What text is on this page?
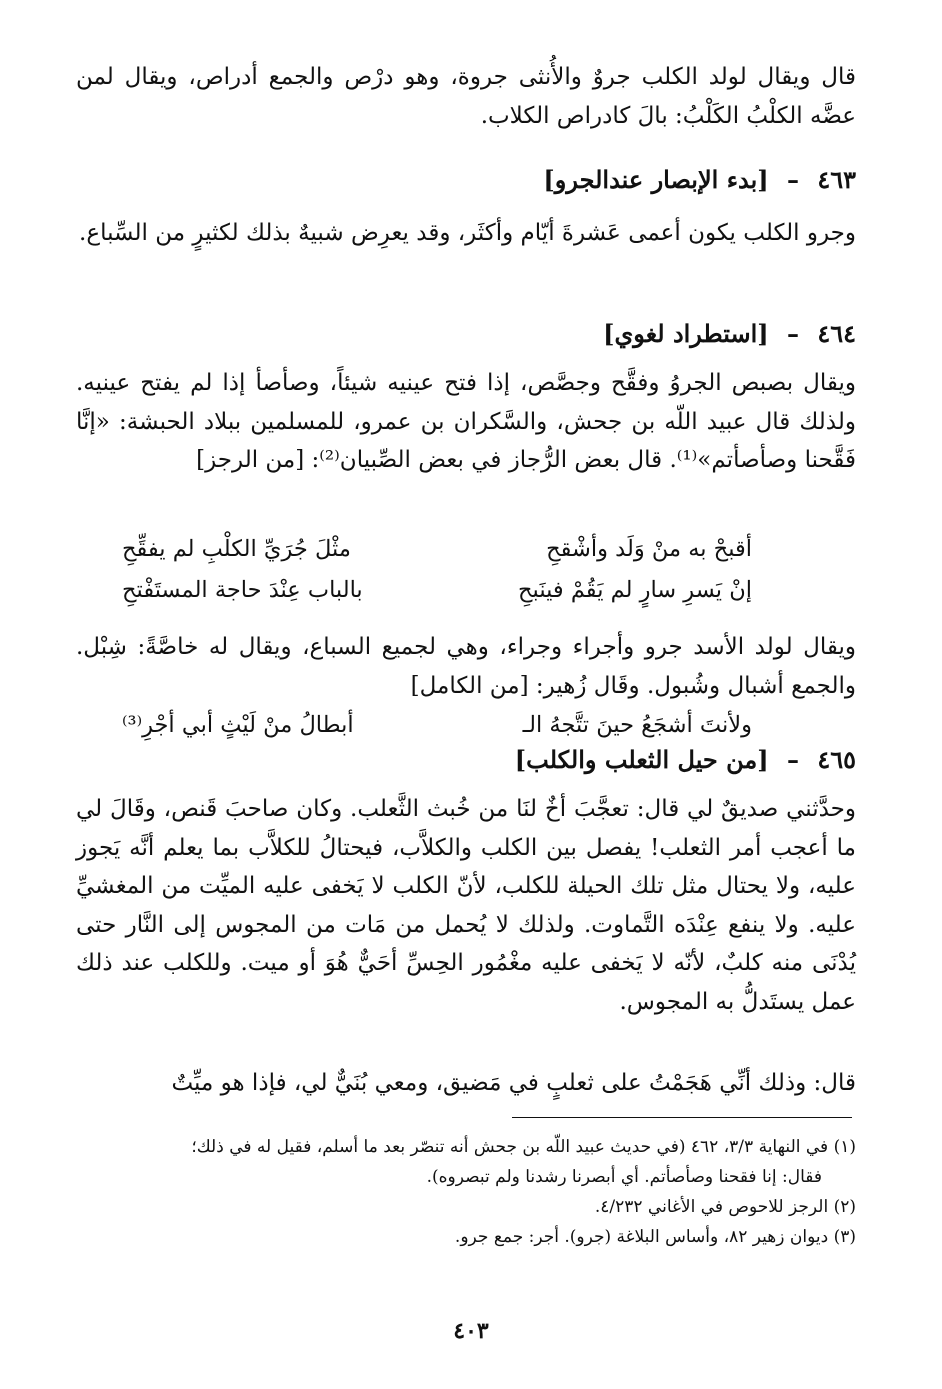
قال ويقال لولد الكلب جروٌ والأُنثى جروة، وهو درْص والجمع أدراص، ويقال لمن عضَّه الكلْبُ الكَلْبُ: بالَ كادراص الكلاب.

٤٦٣ – [بدء الإبصار عندالجرو]

وجرو الكلب يكون أعمى عَشرةَ أيّام وأكثَر، وقد يعرِض شبيهٌ بذلك لكثيرٍ من السِّباع.

٤٦٤ – [استطراد لغوي]

ويقال بصبص الجروُ وفقَّح وجصَّص، إذا فتح عينيه شيئاً، وصأصأ إذا لم يفتح عينيه. ولذلك قال عبيد اللّه بن جحش، والسَّكران بن عمرو، للمسلمين ببلاد الحبشة: «إنَّا فَقَّحنا وصأصأتم»⁽¹⁾. قال بعض الرُّجاز في بعض الصِّبيان⁽²⁾: [من الرجز]

أقبحْ به منْ وَلَد وأشْقحِ
مثْلَ جُرَيِّ الكلْبِ لم يفقِّحِ
إنْ يَسرِ سارٍ لم يَقُمْ فينَبحِ
بالباب عِنْدَ حاجة المستَفْتحِ

ويقال لولد الأسد جرو وأجراء وجراء، وهي لجميع السباع، ويقال له خاصَّةً: شِبْل. والجمع أشبال وشُبول. وقَال زُهير: [من الكامل]

ولأنتَ أشجَعُ حينَ تتَّجهُ الـ
أبطالُ منْ لَيْثٍ أبي أجْرِ⁽³⁾
٤٦٥ – [من حيل الثعلب والكلب]

وحدَّثني صديقٌ لي قال: تعجَّبَ أخٌ لنَا من خُبث الثَّعلب. وكان صاحبَ قَنص، وقَالَ لي ما أعجب أمر الثعلب! يفصل بين الكلب والكلاَّب، فيحتالُ للكلاَّب بما يعلم أنَّه يَجوز عليه، ولا يحتال مثل تلك الحيلة للكلب، لأنّ الكلب لا يَخفى عليه الميِّت من المغشيِّ عليه. ولا ينفع عِنْدَه التَّماوت. ولذلك لا يُحمل من مَات من المجوس إلى النَّار حتى يُدْنَى منه كلبٌ، لأنّه لا يَخفى عليه مغْمُور الحِسِّ أحَيٌّ هُوَ أو ميت. وللكلب عند ذلك عمل يستَدلُّ به المجوس.

قال: وذلك أنِّي هَجَمْتُ على ثعلبٍ في مَضيق، ومعي بُنَيٌّ لي، فإذا هو ميِّتٌ

(١) في النهاية ٣/٣، ٤٦٢ (في حديث عبيد اللّه بن جحش أنه تنصّر بعد ما أسلم، فقيل له في ذلك؛

فقال: إنا فقحنا وصأصأتم. أي أبصرنا رشدنا ولم تبصروه).

(٢) الرجز للاحوص في الأغاني ٤/٢٣٢.

(٣) ديوان زهير ٨٢، وأساس البلاغة (جرو). أجر: جمع جرو.

٤٠٣
